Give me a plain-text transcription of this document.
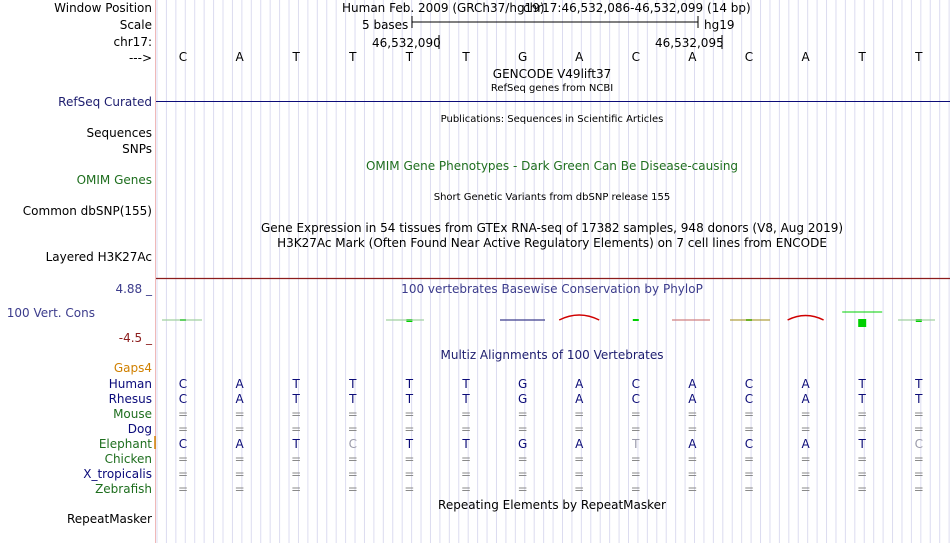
Window Position
Scale
chr17:
--->
Human Feb. 2009 (GRCh37/hg19)
chr17:46,532,086-46,532,099 (14 bp)
5 bases	hg19
46,532,090	46,532,095
C	A	T	T	T	T	G	A	C	A	C	A	T	T
GENCODE V49lift37
RefSeq genes from NCBI
RefSeq Curated
Publications: Sequences in Scientific Articles
Sequences
SNPs
OMIM Gene Phenotypes - Dark Green Can Be Disease-causing
OMIM Genes
Short Genetic Variants from dbSNP release 155
Common dbSNP(155)
Gene Expression in 54 tissues from GTEx RNA-seq of 17382 samples, 948 donors (V8, Aug 2019)
H3K27Ac Mark (Often Found Near Active Regulatory Elements) on 7 cell lines from ENCODE
Layered H3K27Ac
100 vertebrates Basewise Conservation by PhyloP
4.88 _
100 Vert. Cons
-4.5 _
Multiz Alignments of 100 Vertebrates
Gaps4
Human	C	A	T	T	T	T	G	A	C	A	C	A	T	T
Rhesus	C	A	T	T	T	T	G	A	C	A	C	A	T	T
Mouse	=	=	=	=	=	=	=	=	=	=	=	=	=	=
Dog	=	=	=	=	=	=	=	=	=	=	=	=	=	=
Elephant	C	A	T	C	T	T	G	A	T	A	C	A	T	C
Chicken	=	=	=	=	=	=	=	=	=	=	=	=	=	=
X_tropicalis	=	=	=	=	=	=	=	=	=	=	=	=	=	=
Zebrafish	=	=	=	=	=	=	=	=	=	=	=	=	=	=
Repeating Elements by RepeatMasker
RepeatMasker
